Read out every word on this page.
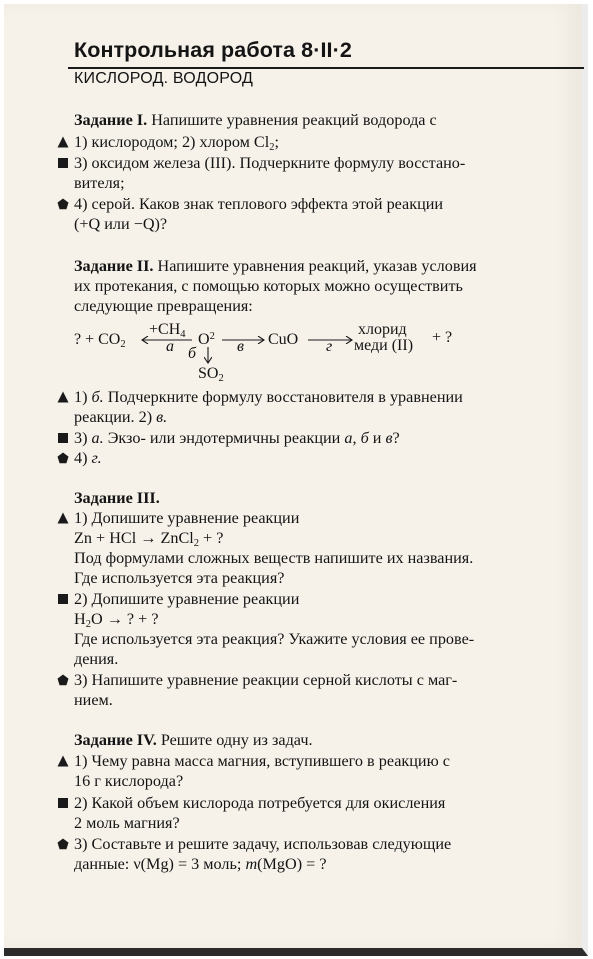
Контрольная работа 8·II·2
КИСЛОРОД. ВОДОРОД
Задание I. Напишите уравнения реакций водорода с
1) кислородом; 2) хлором $Cl_2$;
3) оксидом железа (III). Подчеркните формулу восстано-
вителя;
4) серой. Каков знак теплового эффекта этой реакции
(+Q или −Q)?
Задание II. Напишите уравнения реакций, указав условия
их протекания, с помощью которых можно осуществить
следующие превращения:
? + $CO_2$
$+CH_4$
а $O^2$
в CuO г
хлорид
меди (II) + ?
б
$SO_2$
1) б. Подчеркните формулу восстановителя в уравнении
реакции. 2) в.
3) а. Экзо- или эндотермичны реакции а, б и в?
4) г.
Задание III.
1) Допишите уравнение реакции
Zn + HCl → ZnCl$_2$ + ?
Под формулами сложных веществ напишите их названия.
Где используется эта реакция?
2) Допишите уравнение реакции
$H_2O$ → ? + ?
Где используется эта реакция? Укажите условия ее прове-
дения.
3) Напишите уравнение реакции серной кислоты с маг-
нием.
Задание IV. Решите одну из задач.
1) Чему равна масса магния, вступившего в реакцию с
16 г кислорода?
2) Какой объем кислорода потребуется для окисления
2 моль магния?
3) Составьте и решите задачу, использовав следующие
данные: ν(Mg) = 3 моль; m(MgO) = ?
